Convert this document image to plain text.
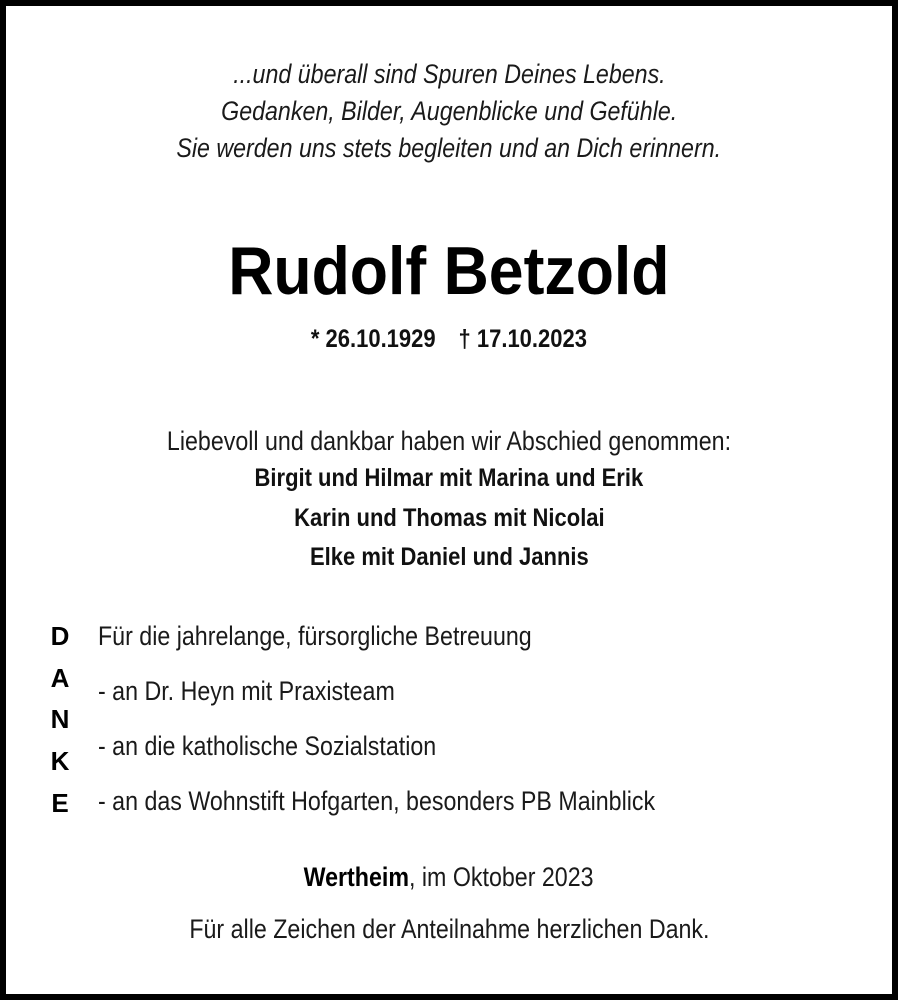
...und überall sind Spuren Deines Lebens.
Gedanken, Bilder, Augenblicke und Gefühle.
Sie werden uns stets begleiten und an Dich erinnern.
Rudolf Betzold
* 26.10.1929 † 17.10.2023
Liebevoll und dankbar haben wir Abschied genommen:
Birgit und Hilmar mit Marina und Erik
Karin und Thomas mit Nicolai
Elke mit Daniel und Jannis
D
A
N
K
E
Für die jahrelange, fürsorgliche Betreuung
- an Dr. Heyn mit Praxisteam
- an die katholische Sozialstation
- an das Wohnstift Hofgarten, besonders PB Mainblick
Wertheim, im Oktober 2023
Für alle Zeichen der Anteilnahme herzlichen Dank.
